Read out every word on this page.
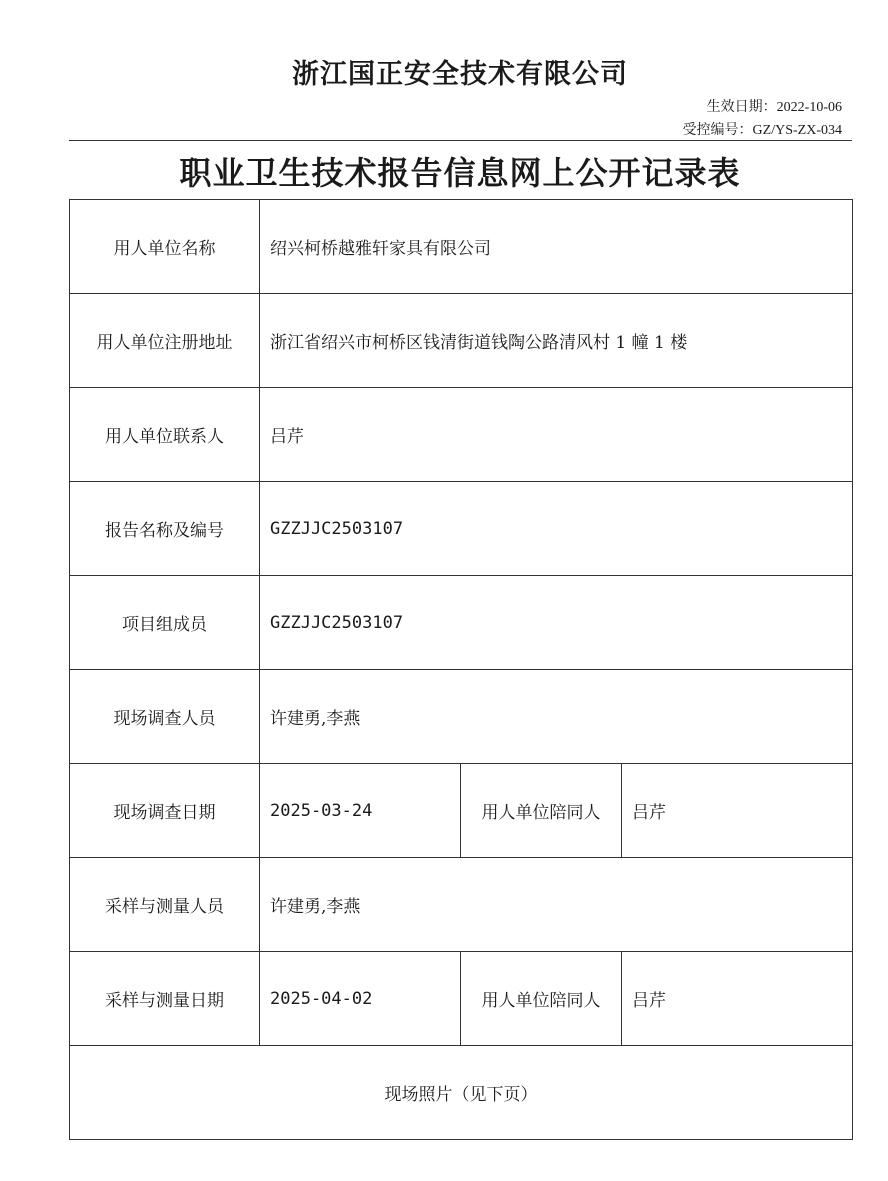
浙江国正安全技术有限公司
生效日期：2022-10-06
受控编号：GZ/YS-ZX-034
职业卫生技术报告信息网上公开记录表
用人单位名称	绍兴柯桥越雅轩家具有限公司		
用人单位注册地址	浙江省绍兴市柯桥区钱清街道钱陶公路清风村 1 幢 1 楼		
用人单位联系人	吕芹		
报告名称及编号	GZZJJC2503107		
项目组成员	GZZJJC2503107		
现场调查人员	许建勇,李燕		
现场调查日期	2025-03-24	用人单位陪同人	吕芹
采样与测量人员	许建勇,李燕		
采样与测量日期	2025-04-02	用人单位陪同人	吕芹
现场照片（见下页）			
